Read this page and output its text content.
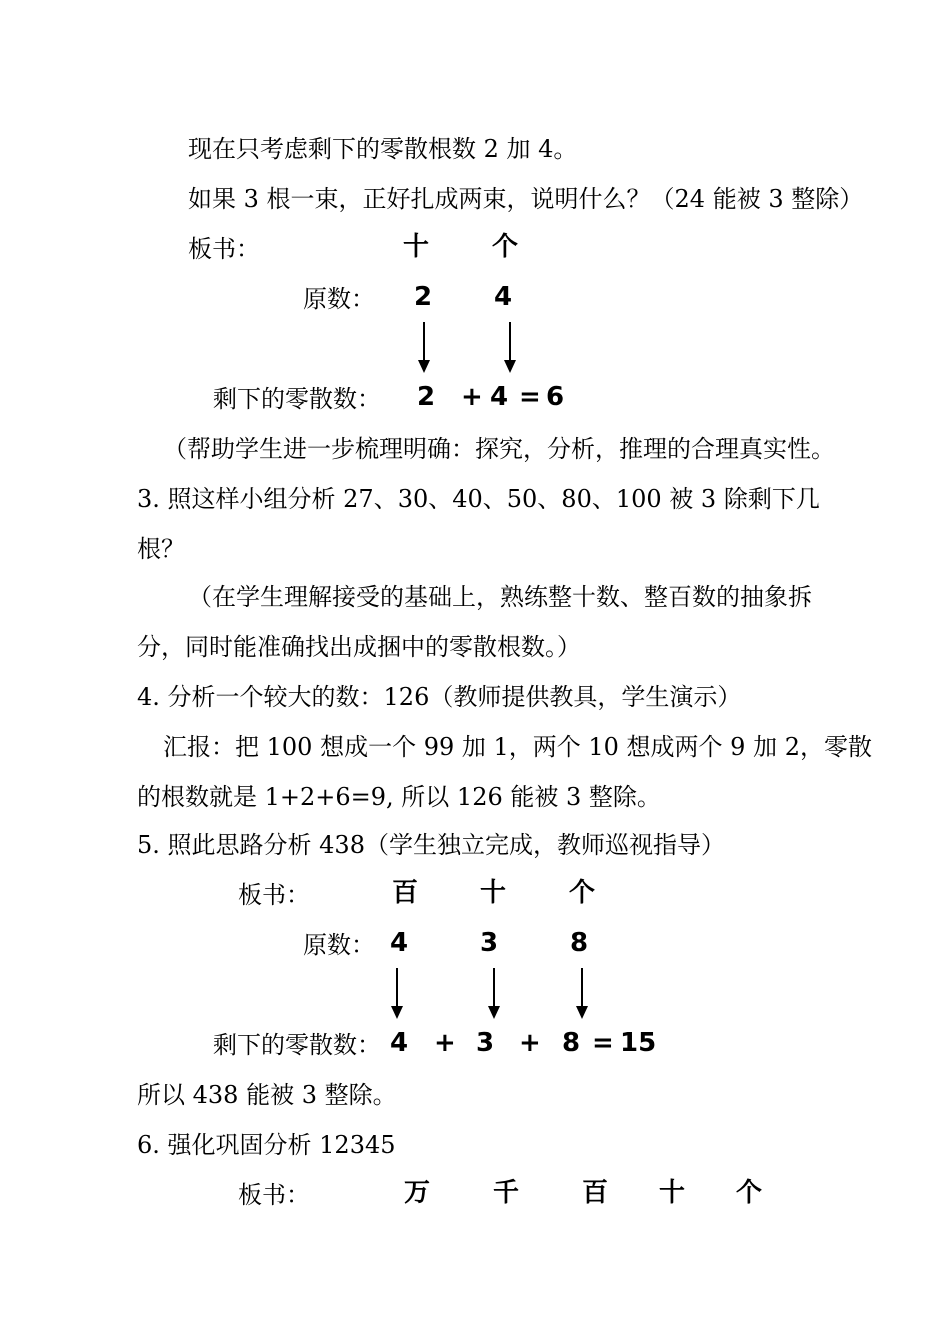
现在只考虑剩下的零散根数 2 加 4。
如果 3 根一束，正好扎成两束，说明什么？（24 能被 3 整除）
板书：	十 个
原数： 2 4
剩下的零散数： 2 + 4 = 6
（帮助学生进一步梳理明确：探究，分析，推理的合理真实性。
3. 照这样小组分析 27、30、40、50、80、100 被 3 除剩下几
根？
（在学生理解接受的基础上，熟练整十数、整百数的抽象拆
分，同时能准确找出成捆中的零散根数。）
4. 分析一个较大的数：126（教师提供教具，学生演示）
汇报：把 100 想成一个 99 加 1，两个 10 想成两个 9 加 2，零散
的根数就是 1+2+6=9, 所以 126 能被 3 整除。
5. 照此思路分析 438（学生独立完成，教师巡视指导）
板书：	百 十 个
原数： 4	3	8
剩下的零散数： 4 + 3 + 8 = 15
所以 438 能被 3 整除。
6. 强化巩固分析 12345
板书：	万 千 百 十 个
